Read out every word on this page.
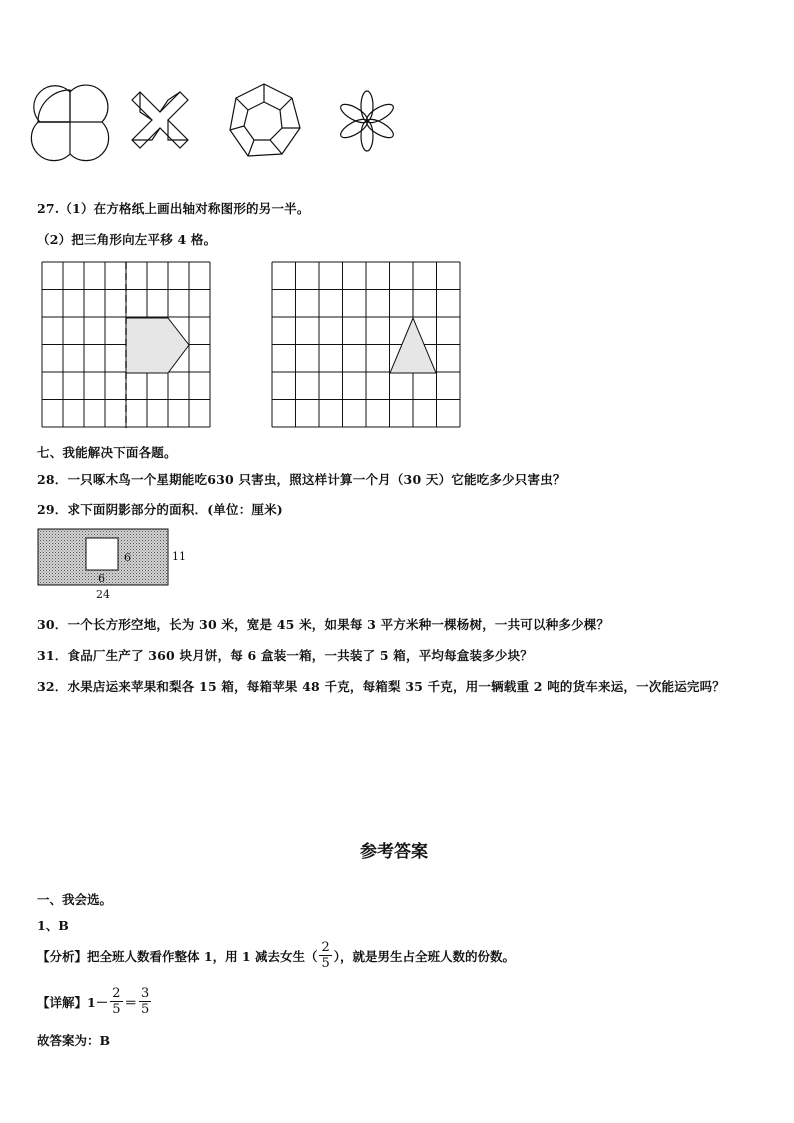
27.（1）在方格纸上画出轴对称图形的另一半。
（2）把三角形向左平移 4 格。
七、我能解决下面各题。
28．一只啄木鸟一个星期能吃630 只害虫，照这样计算一个月（30 天）它能吃多少只害虫？
29．求下面阴影部分的面积．(单位：厘米)
6
6
11
24
30．一个长方形空地，长为 30 米，宽是 45 米，如果每 3 平方米种一棵杨树，一共可以种多少棵？
31．食品厂生产了 360 块月饼，每 6 盒装一箱，一共装了 5 箱，平均每盒装多少块？
32．水果店运来苹果和梨各 15 箱，每箱苹果 48 千克，每箱梨 35 千克，用一辆载重 2 吨的货车来运，一次能运完吗？
参考答案
一、我会选。
1、B
【分析】 把全班人数看作整体 1，用 1 减去女生（ $\frac{2}{5}$ ），就是男生占全班人数的份数。
【详解】 $1- \frac{2}{5} = \frac{3}{5}$
故答案为：B
